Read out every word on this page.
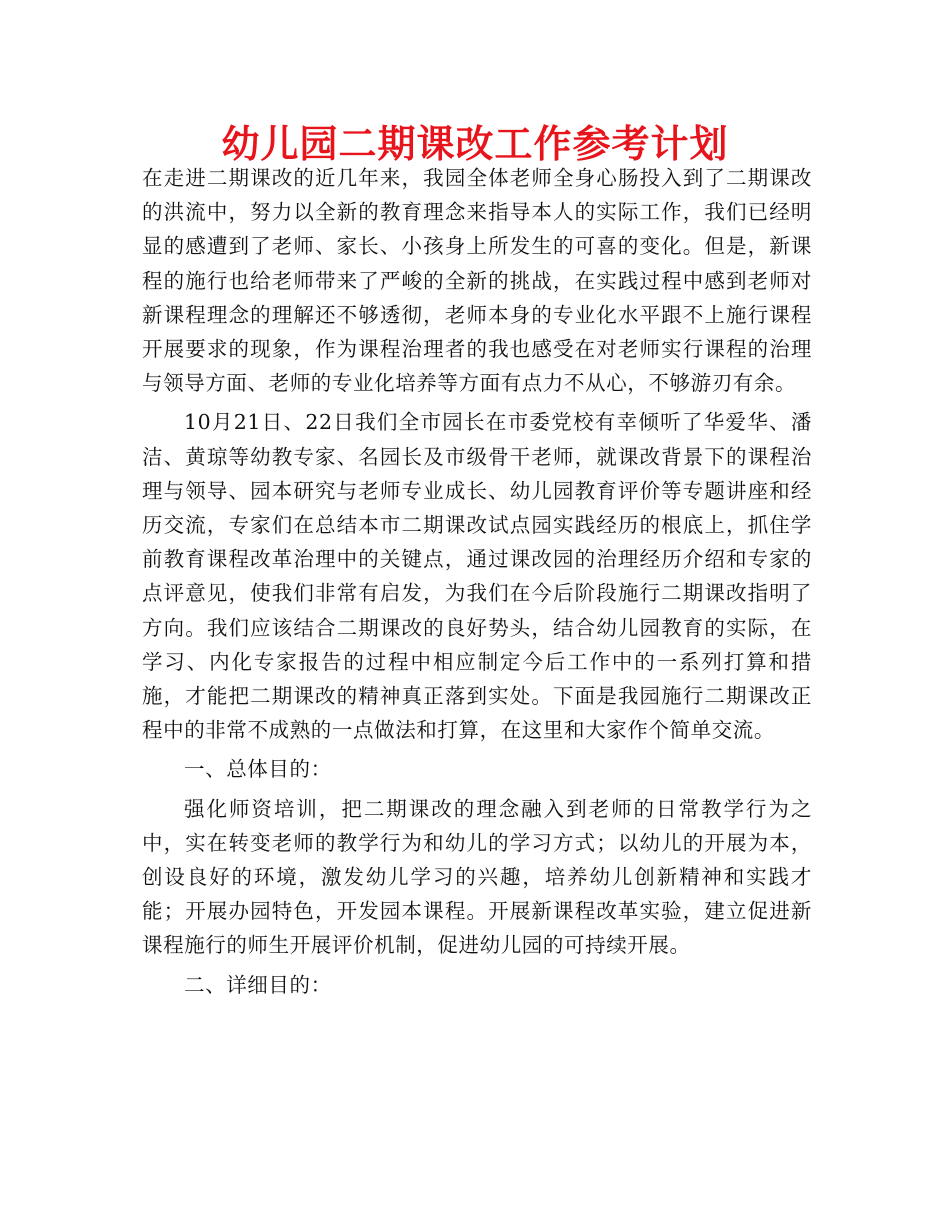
幼儿园二期课改工作参考计划

在走进二期课改的近几年来，我园全体老师全身心肠投入到了二期课改的洪流中，努力以全新的教育理念来指导本人的实际工作，我们已经明显的感遭到了老师、家长、小孩身上所发生的可喜的变化。但是，新课程的施行也给老师带来了严峻的全新的挑战，在实践过程中感到老师对新课程理念的理解还不够透彻，老师本身的专业化水平跟不上施行课程开展要求的现象，作为课程治理者的我也感受在对老师实行课程的治理与领导方面、老师的专业化培养等方面有点力不从心，不够游刃有余。

10月21日、22日我们全市园长在市委党校有幸倾听了华爱华、潘洁、黄琼等幼教专家、名园长及市级骨干老师，就课改背景下的课程治理与领导、园本研究与老师专业成长、幼儿园教育评价等专题讲座和经历交流，专家们在总结本市二期课改试点园实践经历的根底上，抓住学前教育课程改革治理中的关键点，通过课改园的治理经历介绍和专家的点评意见，使我们非常有启发，为我们在今后阶段施行二期课改指明了方向。我们应该结合二期课改的良好势头，结合幼儿园教育的实际，在学习、内化专家报告的过程中相应制定今后工作中的一系列打算和措施，才能把二期课改的精神真正落到实处。下面是我园施行二期课改正程中的非常不成熟的一点做法和打算，在这里和大家作个简单交流。

一、总体目的：

强化师资培训，把二期课改的理念融入到老师的日常教学行为之中，实在转变老师的教学行为和幼儿的学习方式；以幼儿的开展为本，创设良好的环境，激发幼儿学习的兴趣，培养幼儿创新精神和实践才能；开展办园特色，开发园本课程。开展新课程改革实验，建立促进新课程施行的师生开展评价机制，促进幼儿园的可持续开展。

二、详细目的：
